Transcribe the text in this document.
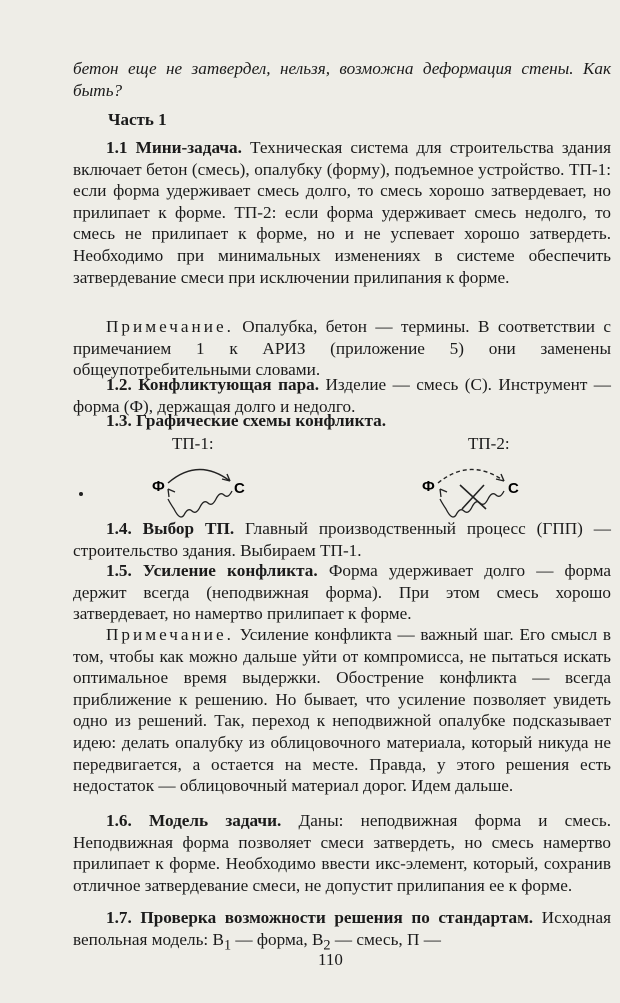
бетон еще не затвердел, нельзя, возможна деформация стены. Как быть?

Часть 1

1.1 Мини-задача. Техническая система для строительства здания включает бетон (смесь), опалубку (форму), подъемное устройство. ТП-1: если форма удерживает смесь долго, то смесь хорошо затвердевает, но прилипает к форме. ТП-2: если форма удерживает смесь недолго, то смесь не прилипает к форме, но и не успевает хорошо затвердеть. Необходимо при минимальных изменениях в системе обеспечить затвердевание смеси при исключении прилипания к форме.

Примечание. Опалубка, бетон — термины. В соответствии с примечанием 1 к АРИЗ (приложение 5) они заменены общеупотребительными словами.

1.2. Конфликтующая пара. Изделие — смесь (С). Инструмент — форма (Ф), держащая долго и недолго.

1.3. Графические схемы конфликта.

ТП-1:
Ф	С
ТП-2:
Ф	С

1.4. Выбор ТП. Главный производственный процесс (ГПП) — строительство здания. Выбираем ТП-1.

1.5. Усиление конфликта. Форма удерживает долго — форма держит всегда (неподвижная форма). При этом смесь хорошо затвердевает, но намертво прилипает к форме.

Примечание. Усиление конфликта — важный шаг. Его смысл в том, чтобы как можно дальше уйти от компромисса, не пытаться искать оптимальное время выдержки. Обострение конфликта — всегда приближение к решению. Но бывает, что усиление позволяет увидеть одно из решений. Так, переход к неподвижной опалубке подсказывает идею: делать опалубку из облицовочного материала, который никуда не передвигается, а остается на месте. Правда, у этого решения есть недостаток — облицовочный материал дорог. Идем дальше.

1.6. Модель задачи. Даны: неподвижная форма и смесь. Неподвижная форма позволяет смеси затвердеть, но смесь намертво прилипает к форме. Необходимо ввести икс-элемент, который, сохранив отличное затвердевание смеси, не допустит прилипания ее к форме.

1.7. Проверка возможности решения по стандартам. Исходная вепольная модель: $В_1$ — форма, $В_2$ — смесь, П —

110
